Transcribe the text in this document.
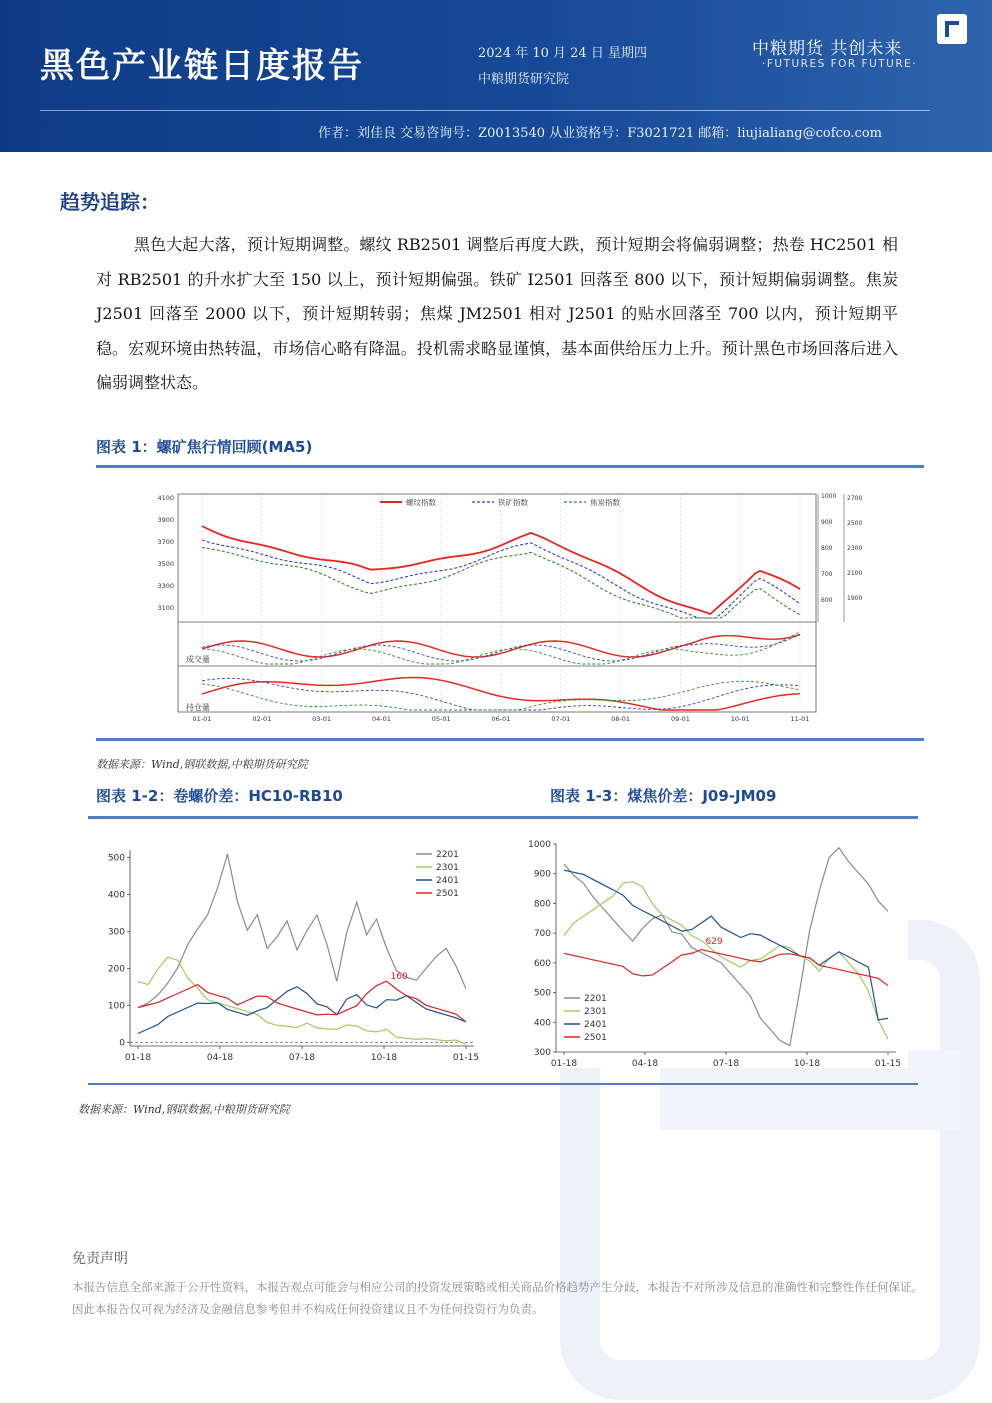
黑色产业链日度报告	2024 年 10 月 24 日 星期四
中粮期货研究院
中粮期货 共创未来
·FUTURES FOR FUTURE·
作者：刘佳良 交易咨询号：Z0013540 从业资格号：F3021721 邮箱：liujialiang@cofco.com
趋势追踪：
黑色大起大落，预计短期调整。螺纹 RB2501 调整后再度大跌，预计短期会将偏弱调整；热卷 HC2501 相对 RB2501 的升水扩大至 150 以上，预计短期偏强。铁矿 I2501 回落至 800 以下，预计短期偏弱调整。焦炭 J2501 回落至 2000 以下，预计短期转弱；焦煤 JM2501 相对 J2501 的贴水回落至 700 以内，预计短期平稳。宏观环境由热转温，市场信心略有降温。投机需求略显谨慎，基本面供给压力上升。预计黑色市场回落后进入偏弱调整状态。
图表 1：螺矿焦行情回顾(MA5)
01-01	02-01	03-01	04-01	05-01	06-01	07-01	08-01	09-01	10-01	11-01
4100
3900
3700
3500
3300
3100
1000
900
800
700
600
2700
2500
2300
2100
1900
螺纹指数	铁矿指数	焦炭指数
成交量
持仓量
数据来源：Wind,钢联数据,中粮期货研究院
图表 1-2：卷螺价差：HC10-RB10	图表 1-3：煤焦价差：J09-JM09
0
100
200
300
400
500
01-18	04-18	07-18	10-18	01-15
160
2201
2301
2401
2501
300
400
500
600
700
800
900
1000
01-18	04-18	07-18	10-18	01-15
629
2201
2301
2401
2501
数据来源：Wind,钢联数据,中粮期货研究院
免责声明
本报告信息全部来源于公开性资料，本报告观点可能会与相应公司的投资发展策略或相关商品价格趋势产生分歧，本报告不对所涉及信息的准确性和完整性作任何保证。因此本报告仅可视为经济及金融信息参考但并不构成任何投资建议且不为任何投资行为负责。
